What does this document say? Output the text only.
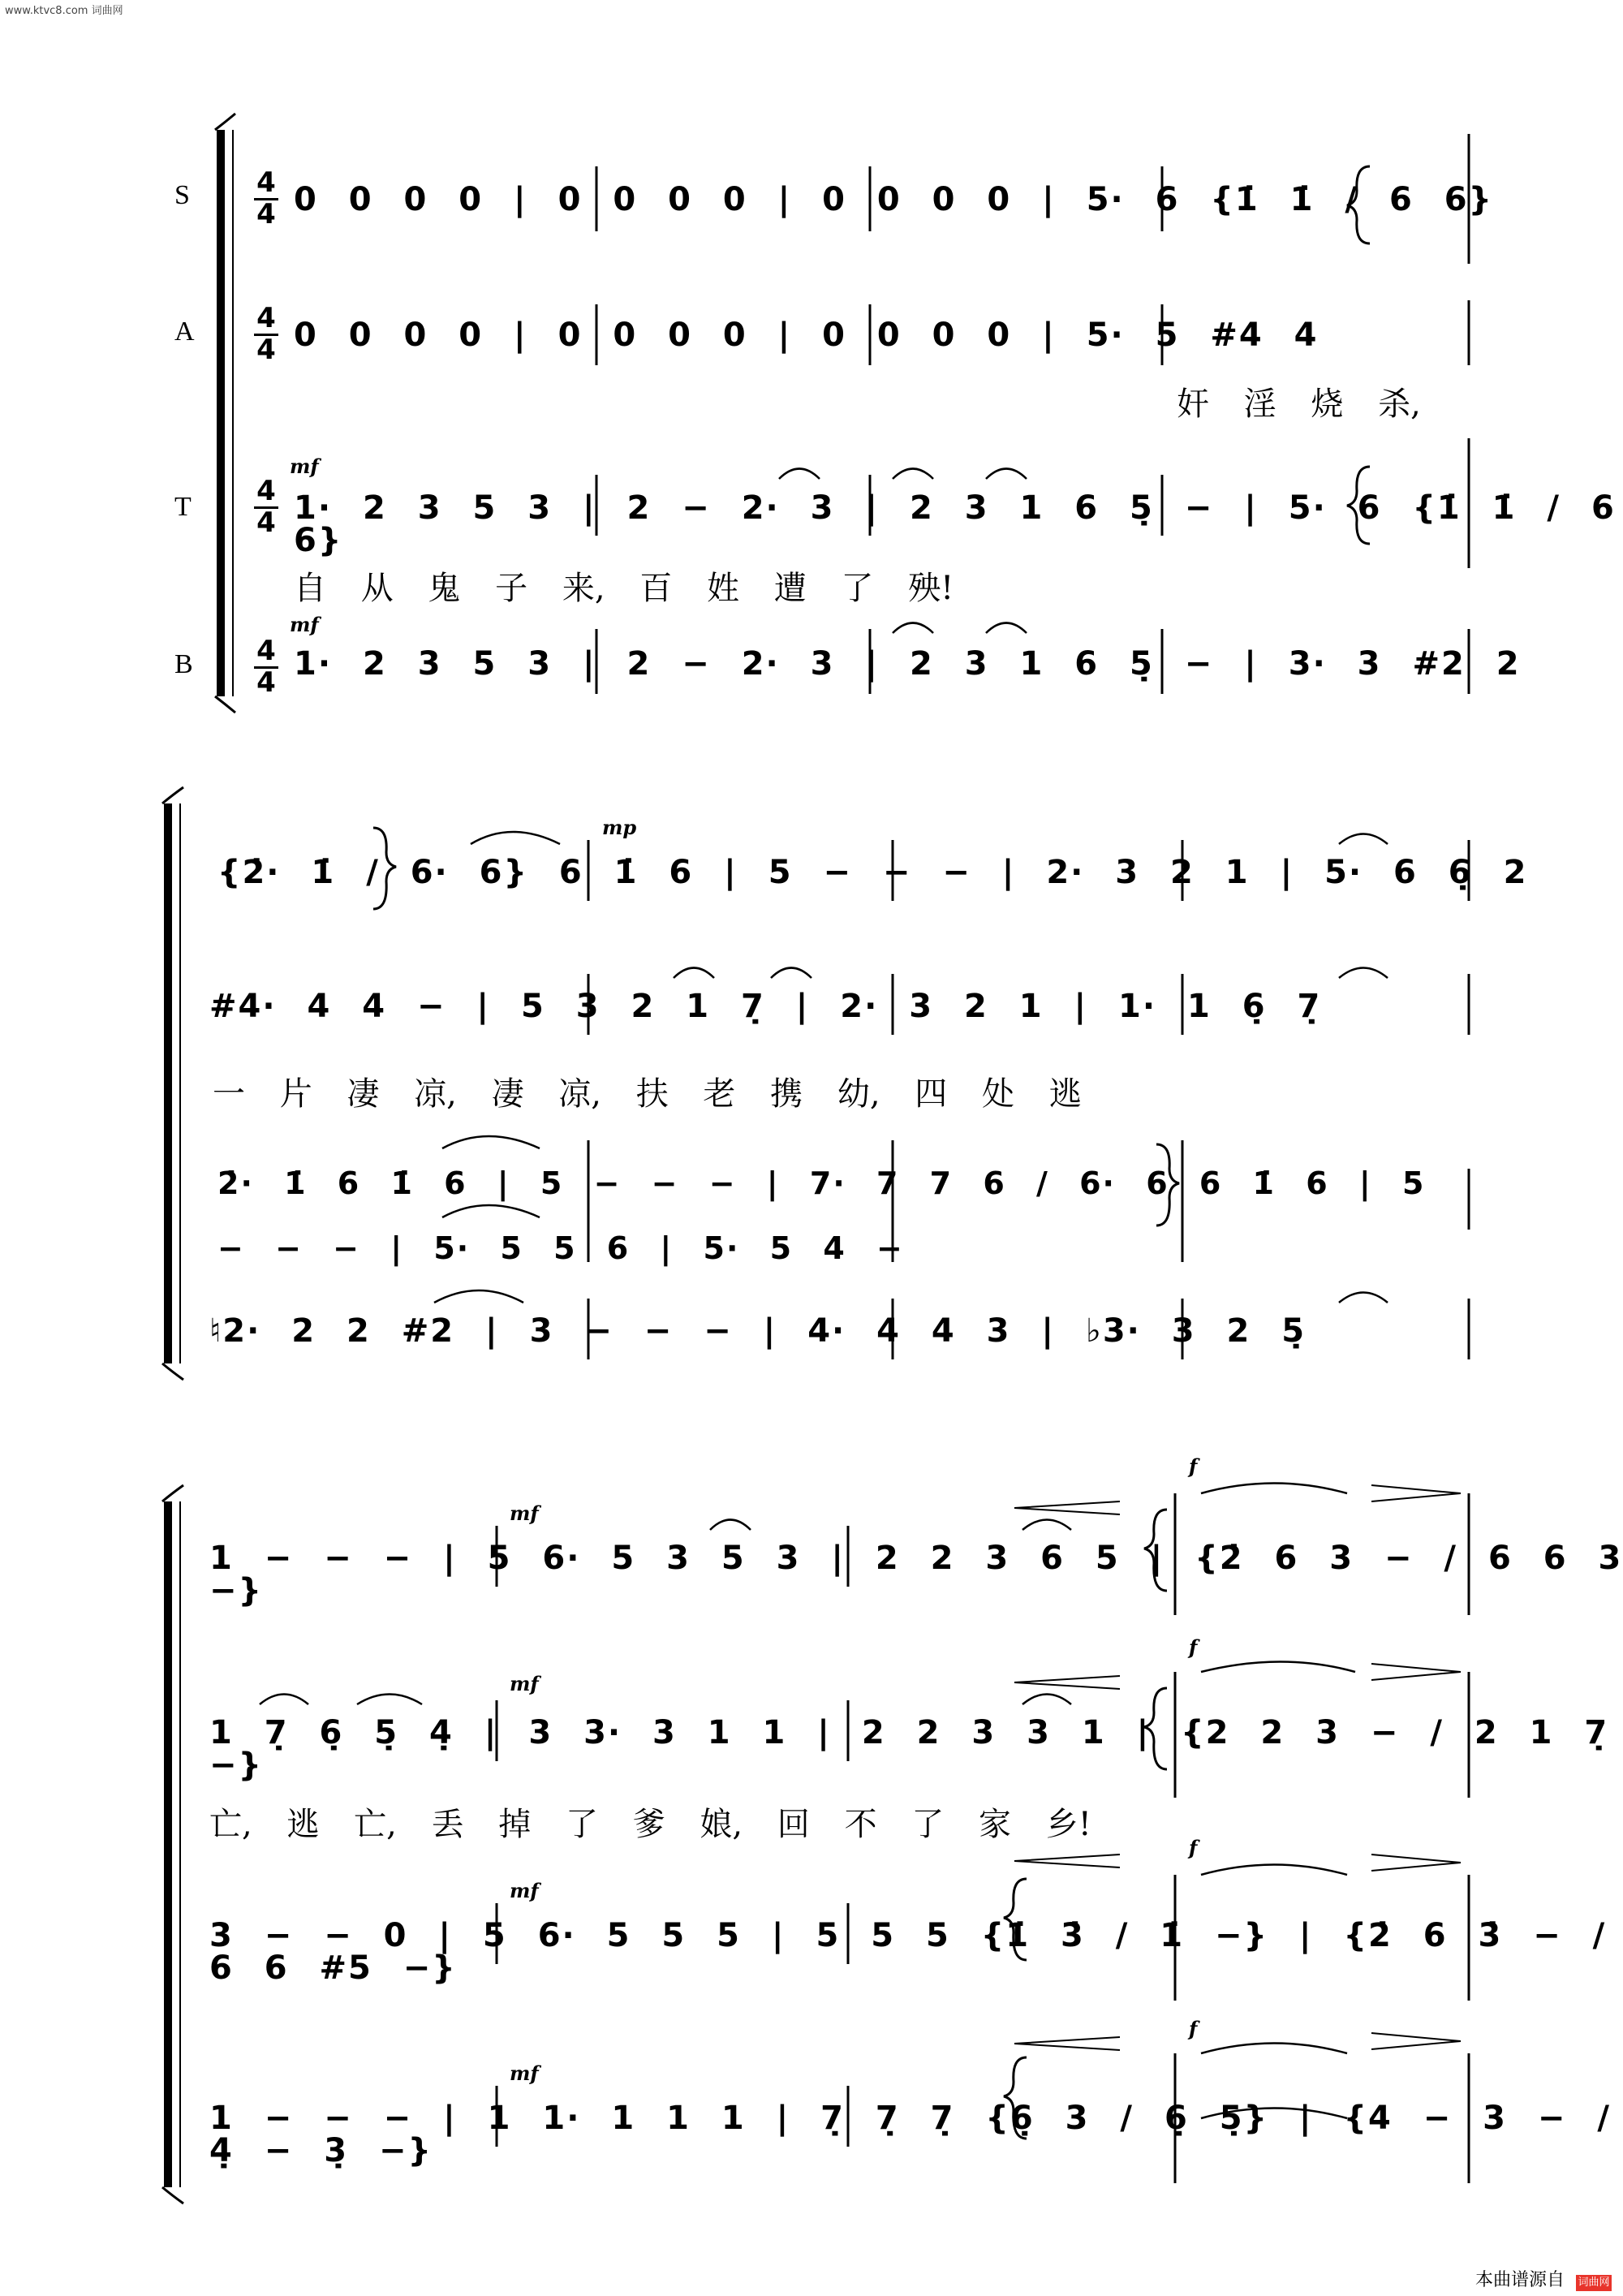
www.ktvc8.com 词曲网
S
A
T
B
4
4
4
4
4
4
4
4
mf
mf
mp
mf
mf
mf
mf
f
f
f
f
0 0 0 0 | 0 0 0 0 | 0 0 0 0 | 5· 6 {1̇ 1̇ / 6 6}
0 0 0 0 | 0 0 0 0 | 0 0 0 0 | 5· 5 #4 4
奸 淫 烧 杀,
1· 2 3 5 3 | 2 − 2· 3 | 2 3 1 6 5̣ − | 5· 6 {1̇ 1̇ / 6 6}
自 从 鬼 子 来, 百 姓 遭 了 殃!
1· 2 3 5 3 | 2 − 2· 3 | 2 3 1 6 5̣ − | 3· 3 #2 2
{2̇· 1̇ / 6· 6} 6 1̇ 6 | 5 − − − | 2· 3 2 1 | 5· 6 6̣ 2
#4· 4 4 − | 5 3 2 1 7̣ | 2· 3 2 1 | 1· 1 6̣ 7̣
一 片 凄 凉, 凄 凉, 扶 老 携 幼, 四 处 逃
2̇· 1̇ 6 1̇ 6 | 5 − − − | 7· 7 7 6 / 6· 6 6 1̇ 6 | 5 − − − | 5· 5 5 6 | 5· 5 4 −
♮2· 2 2 #2 | 3 − − − | 4· 4 4 3 | ♭3· 3 2 5̣
1 − − − | 5 6· 5 3 5 3 | 2 2 3 6 5 | {2̇ 6 3 − / 6 6 3 −}
1 7̣ 6̣ 5̣ 4̣ | 3 3· 3 1 1 | 2 2 3 3 1 | {2 2 3 − / 2 1 7̣ −}
亡, 逃 亡, 丢 掉 了 爹 娘, 回 不 了 家 乡!
3 − − 0 | 5 6· 5 5 5 | 5 5 5 {1̇ 3̇ / 1̇ −} | {2̇ 6 3̇ − / 6 6 #5 −}
1 − − − | 1 1· 1 1 1 | 7̣ 7̣ 7̣ {6̣ 3 / 6̣ 5̣} | {4 − 3 − / 4̣ − 3̣ −}
本曲谱源自 词曲网
